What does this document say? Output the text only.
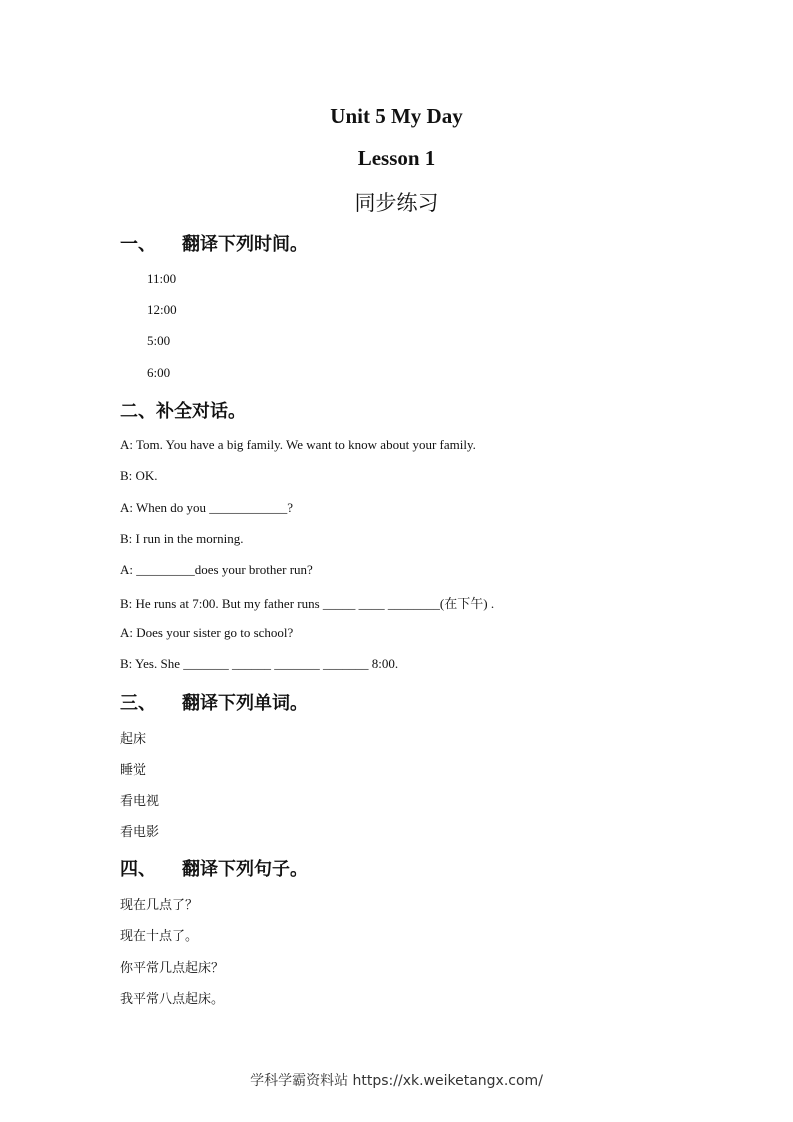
Unit 5 My Day
Lesson 1
同步练习
一、 翻译下列时间。

11:00

12:00

5:00

6:00

二、补全对话。

A: Tom. You have a big family. We want to know about your family.

B: OK.

A: When do you ____________?

B: I run in the morning.

A: _________does your brother run?

B: He runs at 7:00. But my father runs _____ ____ ________(在下午) .

A: Does your sister go to school?

B: Yes. She _______ ______ _______ _______ 8:00.

三、 翻译下列单词。

起床

睡觉

看电视

看电影

四、 翻译下列句子。

现在几点了？

现在十点了。

你平常几点起床？

我平常八点起床。

学科学霸资料站 https://xk.weiketangx.com/
